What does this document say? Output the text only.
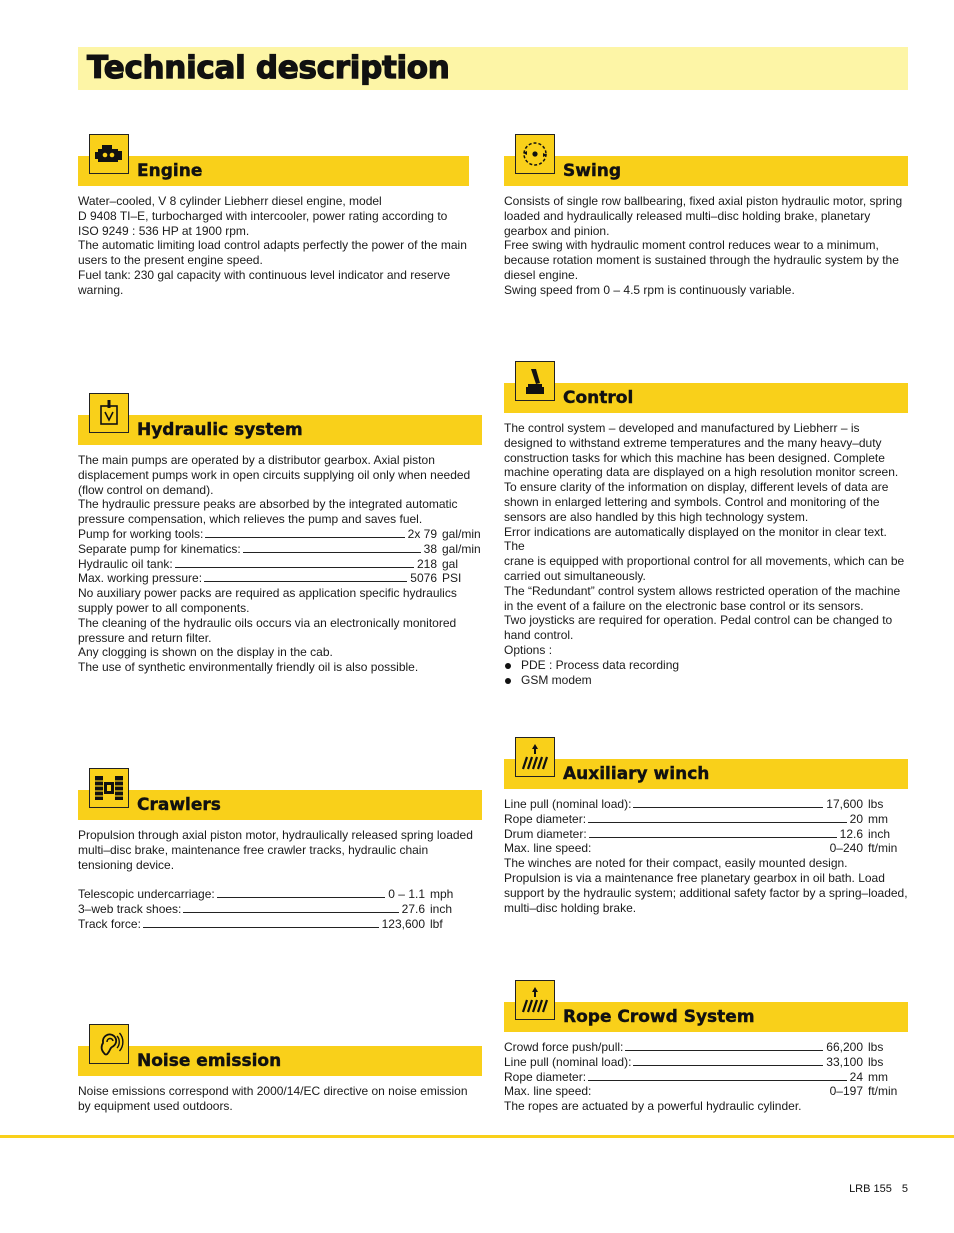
Technical description
Engine

Water–cooled, V 8 cylinder Liebherr diesel engine, model

D 9408 TI–E, turbocharged with intercooler, power rating according to

ISO 9249 : 536 HP at 1900 rpm.

The automatic limiting load control adapts perfectly the power of the main

users to the present engine speed.

Fuel tank: 230 gal capacity with continuous level indicator and reserve

warning.

Swing

Consists of single row ballbearing, fixed axial piston hydraulic motor, spring

loaded and hydraulically released multi–disc holding brake, planetary

gearbox and pinion.

Free swing with hydraulic moment control reduces wear to a minimum,

because rotation moment is sustained through the hydraulic system by the

diesel engine.

Swing speed from 0 – 4.5 rpm is continuously variable.

Control

The control system – developed and manufactured by Liebherr – is

designed to withstand extreme temperatures and the many heavy–duty

construction tasks for which this machine has been designed. Complete

machine operating data are displayed on a high resolution monitor screen.

To ensure clarity of the information on display, different levels of data are

shown in enlarged lettering and symbols. Control and monitoring of the

sensors are also handled by this high technology system.

Error indications are automatically displayed on the monitor in clear text. The

crane is equipped with proportional control for all movements, which can be

carried out simultaneously.

The “Redundant” control system allows restricted operation of the machine

in the event of a failure on the electronic base control or its sensors.

Two joysticks are required for operation. Pedal control can be changed to

hand control.

Options :

PDE : Process data recording
GSM modem
Hydraulic system

The main pumps are operated by a distributor gearbox. Axial piston

displacement pumps work in open circuits supplying oil only when needed

(flow control on demand).

The hydraulic pressure peaks are absorbed by the integrated automatic

pressure compensation, which relieves the pump and saves fuel.

Pump for working tools:	2x 79 gal/min
Separate pump for kinematics:	38 gal/min
Hydraulic oil tank:	218 gal
Max. working pressure:	5076 PSI

No auxiliary power packs are required as application specific hydraulics

supply power to all components.

The cleaning of the hydraulic oils occurs via an electronically monitored

pressure and return filter.

Any clogging is shown on the display in the cab.

The use of synthetic environmentally friendly oil is also possible.

Auxiliary winch
Line pull (nominal load):	17,600 lbs
Rope diameter:	20 mm
Drum diameter:	12.6 inch
Max. line speed:	0–240 ft/min

The winches are noted for their compact, easily mounted design.

Propulsion is via a maintenance free planetary gearbox in oil bath. Load

support by the hydraulic system; additional safety factor by a spring–loaded,

multi–disc holding brake.

Crawlers

Propulsion through axial piston motor, hydraulically released spring loaded

multi–disc brake, maintenance free crawler tracks, hydraulic chain

tensioning device.

Telescopic undercarriage:	0 – 1.1 mph
3–web track shoes:	27.6 inch
Track force:	123,600 lbf
Rope Crowd System
Crowd force push/pull:	66,200 lbs
Line pull (nominal load):	33,100 lbs
Rope diameter:	24 mm
Max. line speed:	0–197 ft/min

The ropes are actuated by a powerful hydraulic cylinder.

Noise emission

Noise emissions correspond with 2000/14/EC directive on noise emission

by equipment used outdoors.

LRB 155 5
